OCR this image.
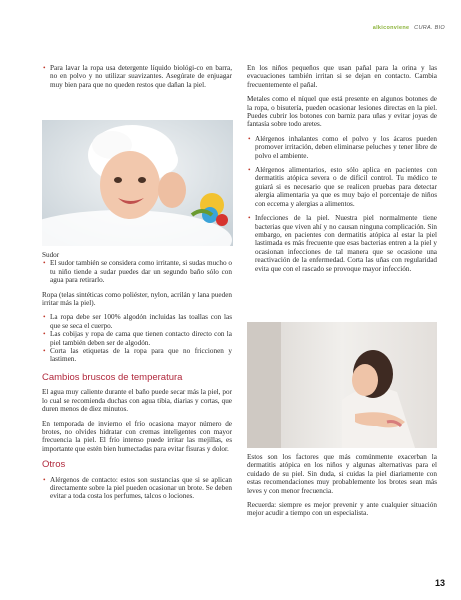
alkiconviene CURA. BIO
• Para lavar la ropa usa detergente líquido biológi-co en barra, no en polvo y no utilizar suavizantes. Asegúrate de enjuagar muy bien para que no queden restos que dañan la piel.

Sudor

• El sudor también se considera como irritante, si sudas mucho o tu niño tiende a sudar puedes dar un segundo baño sólo con agua para retirarlo.

Ropa (telas sintéticas como poliéster, nylon, acrilán y lana pueden irritar más la piel).

• La ropa debe ser 100% algodón incluidas las toallas con las que se seca el cuerpo.
• Las cobijas y ropa de cama que tienen contacto directo con la piel también deben ser de algodón.
• Corta las etiquetas de la ropa para que no friccionen y lastimen.
Cambios bruscos de temperatura

El agua muy caliente durante el baño puede secar más la piel, por lo cual se recomienda duchas con agua tibia, diarias y cortas, que duren menos de diez minutos.

En temporada de invierno el frío ocasiona mayor número de brotes, no olvides hidratar con cremas inteligentes con mayor frecuencia la piel. El frío intenso puede irritar las mejillas, es importante que estén bien humectadas para evitar fisuras y dolor.

Otros
• Alérgenos de contacto: estos son sustancias que si se aplican directamente sobre la piel pueden ocasionar un brote. Se deben evitar a toda costa los perfumes, talcos o lociones.

En los niños pequeños que usan pañal para la orina y las evacuaciones también irritan si se dejan en contacto. Cambia frecuentemente el pañal.

Metales como el níquel que está presente en algunos botones de la ropa, o bisutería, pueden ocasionar lesiones directas en la piel. Puedes cubrir los botones con barniz para uñas y evitar joyas de fantasía sobre todo aretes.

• Alérgenos inhalantes como el polvo y los ácaros pueden promover irritación, deben eliminarse peluches y tener libre de polvo el ambiente.
• Alérgenos alimentarios, esto sólo aplica en pacientes con dermatitis atópica severa o de difícil control. Tu médico te guiará si es necesario que se realicen pruebas para detectar alergia alimentaria ya que es muy bajo el porcentaje de niños con eccema y alergias a alimentos.
• Infecciones de la piel. Nuestra piel normalmente tiene bacterias que viven ahí y no causan ninguna complicación. Sin embargo, en pacientes con dermatitis atópica al estar la piel lastimada es más frecuente que esas bacterias entren a la piel y ocasionan infecciones de tal manera que se ocasione una reactivación de la enfermedad. Corta las uñas con regularidad evita que con el rascado se provoque mayor infección.

Estos son los factores que más comúnmente exacerban la dermatitis atópica en los niños y algunas alternativas para el cuidado de su piel. Sin duda, si cuidas la piel diariamente con estas recomendaciones muy probablemente los brotes sean más leves y con menor frecuencia.

Recuerda: siempre es mejor prevenir y ante cualquier situación mejor acudir a tiempo con un especialista.

13
